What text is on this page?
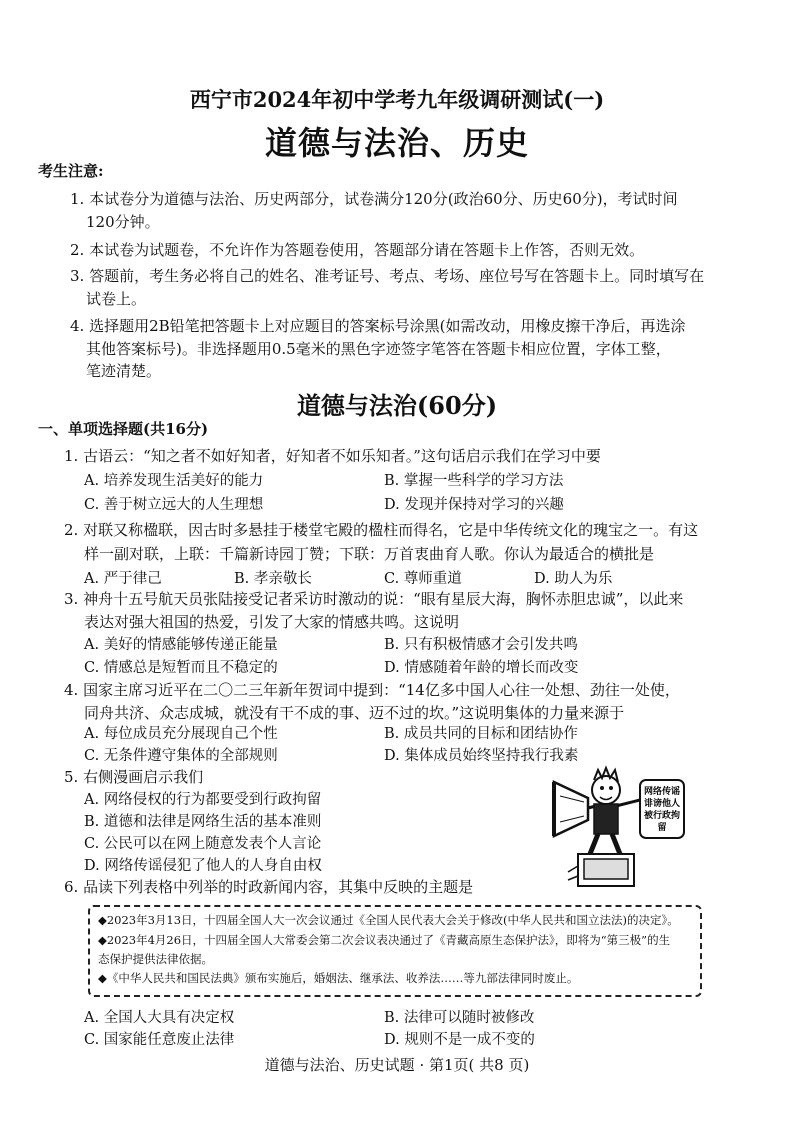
西宁市2024年初中学考九年级调研测试(一)
道德与法治、历史
考生注意:
1. 本试卷分为道德与法治、历史两部分，试卷满分120分(政治60分、历史60分)，考试时间
120分钟。
2. 本试卷为试题卷，不允许作为答题卷使用，答题部分请在答题卡上作答，否则无效。
3. 答题前，考生务必将自己的姓名、准考证号、考点、考场、座位号写在答题卡上。同时填写在
试卷上。
4. 选择题用2B铅笔把答题卡上对应题目的答案标号涂黑(如需改动，用橡皮擦干净后，再选涂
其他答案标号)。非选择题用0.5毫米的黑色字迹签字笔答在答题卡相应位置，字体工整，
笔迹清楚。
道德与法治(60分)
一、单项选择题(共16分)
1. 古语云：“知之者不如好知者，好知者不如乐知者。”这句话启示我们在学习中要
A. 培养发现生活美好的能力	B. 掌握一些科学的学习方法
C. 善于树立远大的人生理想	D. 发现并保持对学习的兴趣
2. 对联又称楹联，因古时多悬挂于楼堂宅殿的楹柱而得名，它是中华传统文化的瑰宝之一。有这
样一副对联，上联：千篇新诗园丁赞；下联：万首衷曲育人歌。你认为最适合的横批是
A. 严于律己	B. 孝亲敬长	C. 尊师重道	D. 助人为乐
3. 神舟十五号航天员张陆接受记者采访时激动的说：“眼有星辰大海，胸怀赤胆忠诚”，以此来
表达对强大祖国的热爱，引发了大家的情感共鸣。这说明
A. 美好的情感能够传递正能量	B. 只有积极情感才会引发共鸣
C. 情感总是短暂而且不稳定的	D. 情感随着年龄的增长而改变
4. 国家主席习近平在二〇二三年新年贺词中提到：“14亿多中国人心往一处想、劲往一处使，
同舟共济、众志成城，就没有干不成的事、迈不过的坎。”这说明集体的力量来源于
A. 每位成员充分展现自己个性	B. 成员共同的目标和团结协作
C. 无条件遵守集体的全部规则	D. 集体成员始终坚持我行我素
5. 右侧漫画启示我们
A. 网络侵权的行为都要受到行政拘留
B. 道德和法律是网络生活的基本准则
C. 公民可以在网上随意发表个人言论
D. 网络传谣侵犯了他人的人身自由权
网络传谣
诽谤他人
被行政拘
留
6. 品读下列表格中列举的时政新闻内容，其集中反映的主题是
◆2023年3月13日，十四届全国人大一次会议通过《全国人民代表大会关于修改(中华人民共和国立法法)的决定》。
◆2023年4月26日，十四届全国人大常委会第二次会议表决通过了《青藏高原生态保护法》，即将为“第三极”的生
态保护提供法律依据。
◆《中华人民共和国民法典》颁布实施后，婚姻法、继承法、收养法……等九部法律同时废止。
A. 全国人大具有决定权	B. 法律可以随时被修改
C. 国家能任意废止法律	D. 规则不是一成不变的
道德与法治、历史试题 · 第1页( 共8 页)
